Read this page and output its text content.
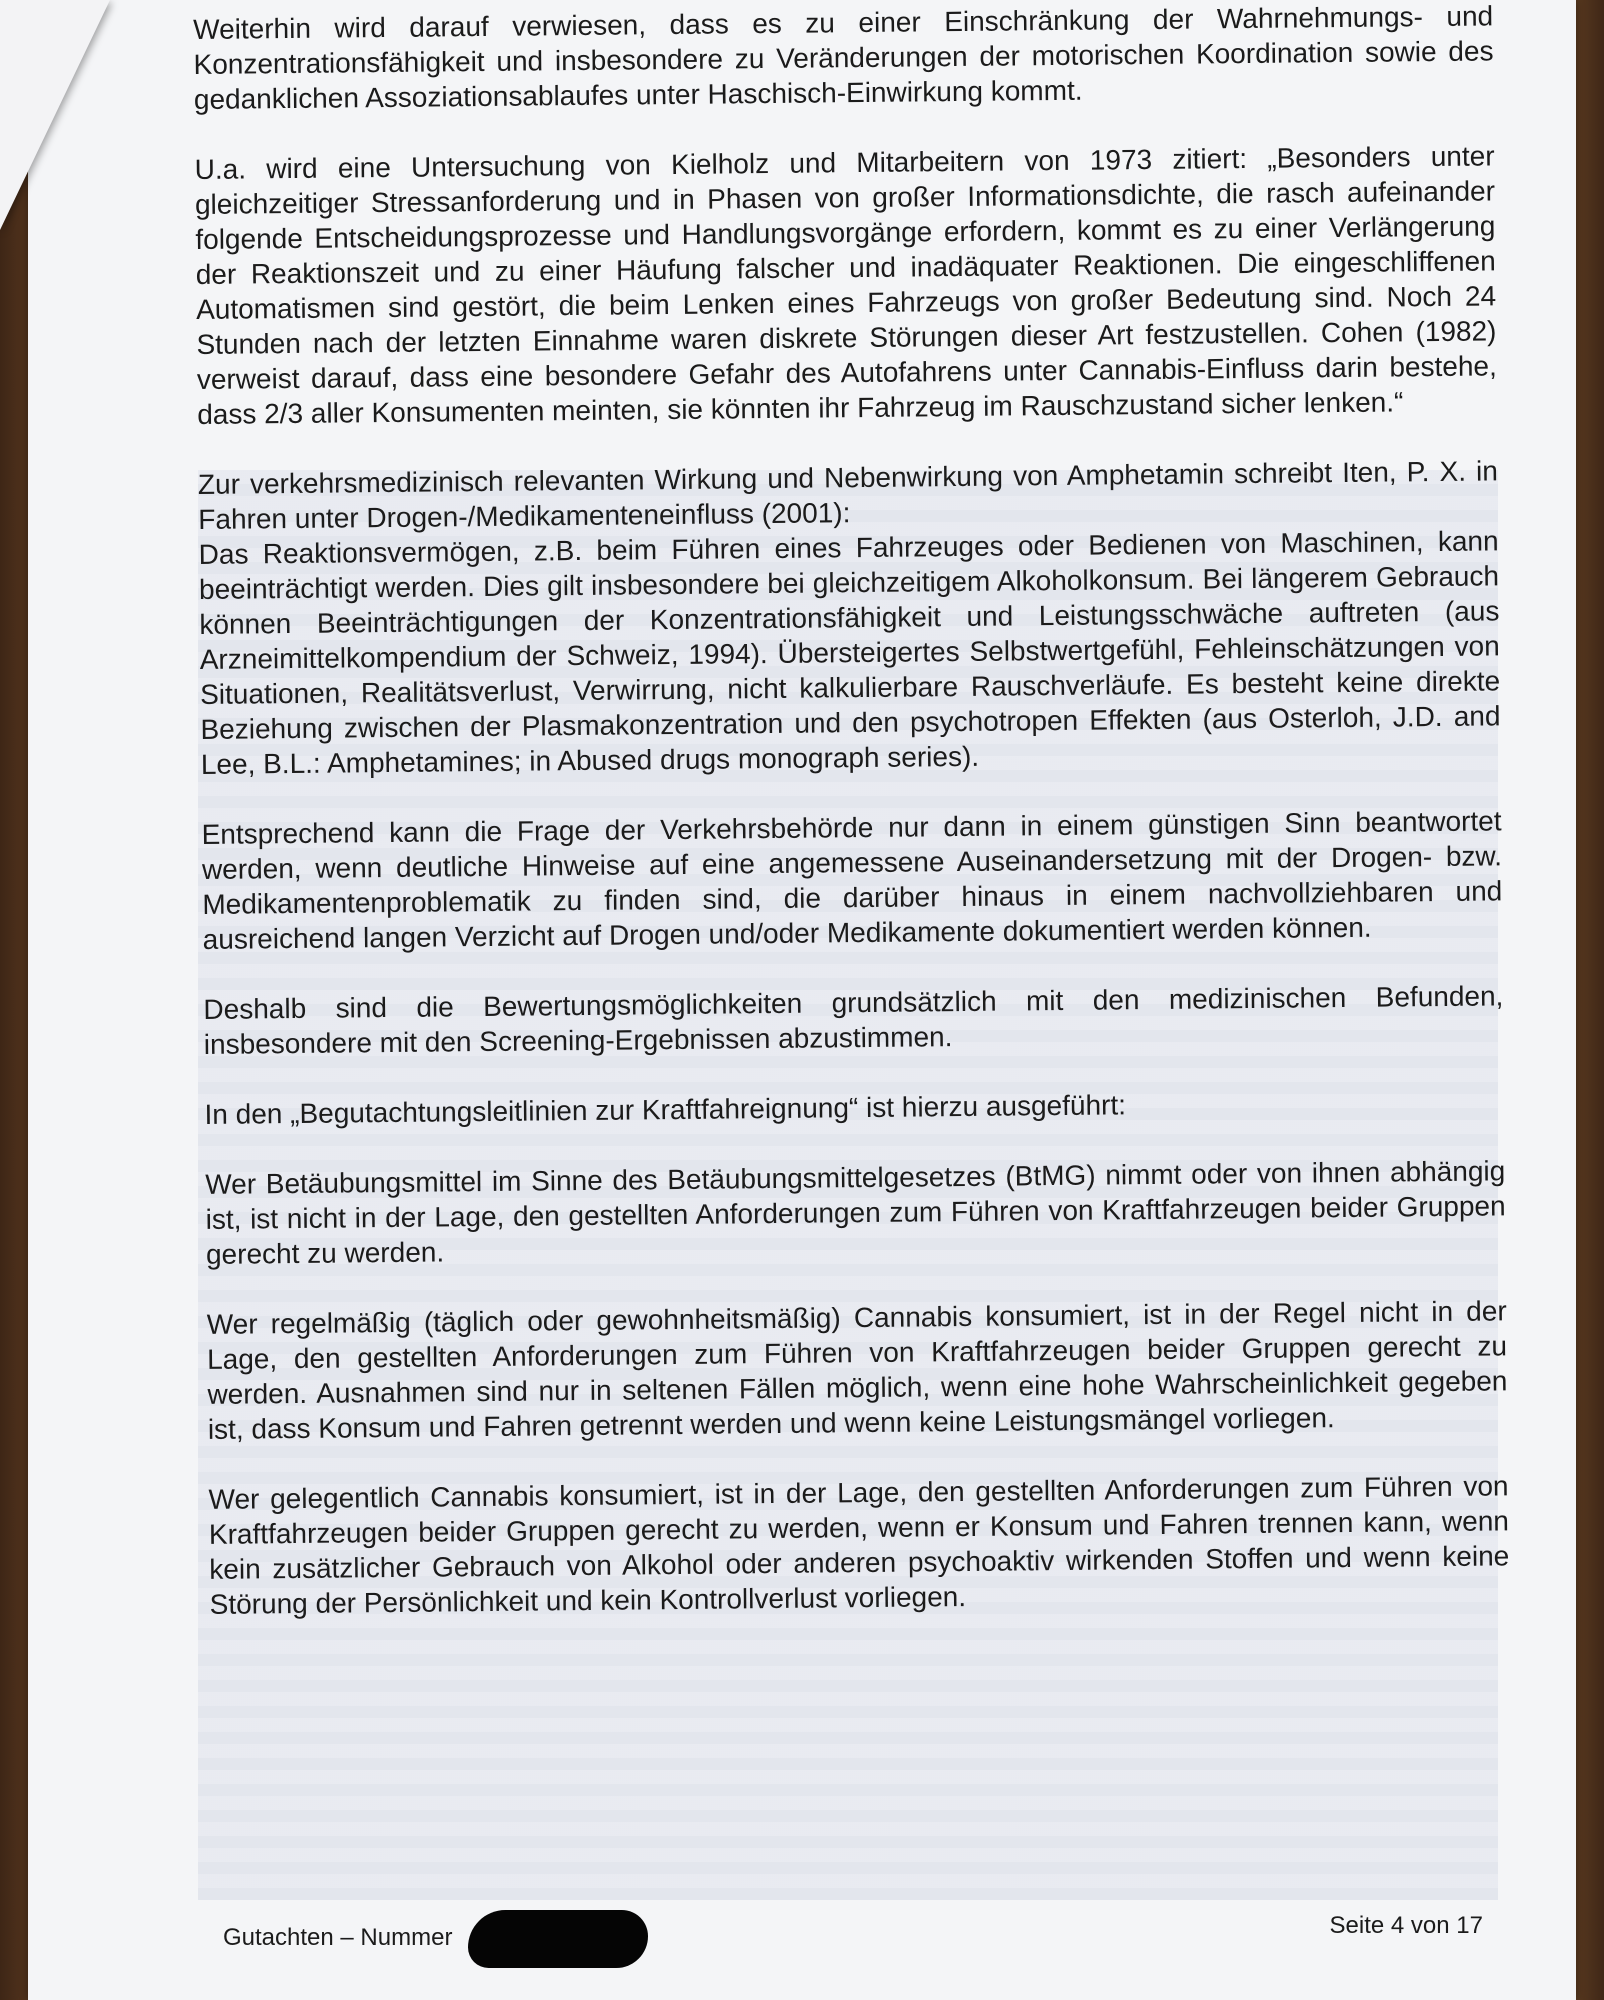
Weiterhin wird darauf verwiesen, dass es zu einer Einschränkung der Wahrnehmungs- und Konzentrationsfähigkeit und insbesondere zu Veränderungen der motorischen Koordination sowie des gedanklichen Assoziationsablaufes unter Haschisch-Einwirkung kommt.

U.a. wird eine Untersuchung von Kielholz und Mitarbeitern von 1973 zitiert: „Besonders unter gleichzeitiger Stressanforderung und in Phasen von großer Informationsdichte, die rasch aufeinander folgende Entscheidungsprozesse und Handlungsvorgänge erfordern, kommt es zu einer Verlängerung der Reaktionszeit und zu einer Häufung falscher und inadäquater Reaktionen. Die eingeschliffenen Automatismen sind gestört, die beim Lenken eines Fahrzeugs von großer Bedeutung sind. Noch 24 Stunden nach der letzten Einnahme waren diskrete Störungen dieser Art festzustellen. Cohen (1982) verweist darauf, dass eine besondere Gefahr des Autofahrens unter Cannabis-Einfluss darin bestehe, dass 2/3 aller Konsumenten meinten, sie könnten ihr Fahrzeug im Rauschzustand sicher lenken.“

Zur verkehrsmedizinisch relevanten Wirkung und Nebenwirkung von Amphetamin schreibt Iten, P. X. in Fahren unter Drogen-/Medikamenteneinfluss (2001):

Das Reaktionsvermögen, z.B. beim Führen eines Fahrzeuges oder Bedienen von Maschinen, kann beeinträchtigt werden. Dies gilt insbesondere bei gleichzeitigem Alkoholkonsum. Bei längerem Gebrauch können Beeinträchtigungen der Konzentrationsfähigkeit und Leistungsschwäche auftreten (aus Arzneimittelkompendium der Schweiz, 1994). Übersteigertes Selbstwertgefühl, Fehleinschätzungen von Situationen, Realitätsverlust, Verwirrung, nicht kalkulierbare Rauschverläufe. Es besteht keine direkte Beziehung zwischen der Plasmakonzentration und den psychotropen Effekten (aus Osterloh, J.D. and Lee, B.L.: Amphetamines; in Abused drugs monograph series).

Entsprechend kann die Frage der Verkehrsbehörde nur dann in einem günstigen Sinn beantwortet werden, wenn deutliche Hinweise auf eine angemessene Auseinandersetzung mit der Drogen- bzw. Medikamentenproblematik zu finden sind, die darüber hinaus in einem nachvollziehbaren und ausreichend langen Verzicht auf Drogen und/oder Medikamente dokumentiert werden können.

Deshalb sind die Bewertungsmöglichkeiten grundsätzlich mit den medizinischen Befunden, insbesondere mit den Screening-Ergebnissen abzustimmen.

In den „Begutachtungsleitlinien zur Kraftfahreignung“ ist hierzu ausgeführt:

Wer Betäubungsmittel im Sinne des Betäubungsmittelgesetzes (BtMG) nimmt oder von ihnen abhängig ist, ist nicht in der Lage, den gestellten Anforderungen zum Führen von Kraftfahrzeugen beider Gruppen gerecht zu werden.

Wer regelmäßig (täglich oder gewohnheitsmäßig) Cannabis konsumiert, ist in der Regel nicht in der Lage, den gestellten Anforderungen zum Führen von Kraftfahrzeugen beider Gruppen gerecht zu werden. Ausnahmen sind nur in seltenen Fällen möglich, wenn eine hohe Wahrscheinlichkeit gegeben ist, dass Konsum und Fahren getrennt werden und wenn keine Leistungsmängel vorliegen.

Wer gelegentlich Cannabis konsumiert, ist in der Lage, den gestellten Anforderungen zum Führen von Kraftfahrzeugen beider Gruppen gerecht zu werden, wenn er Konsum und Fahren trennen kann, wenn kein zusätzlicher Gebrauch von Alkohol oder anderen psychoaktiv wirkenden Stoffen und wenn keine Störung der Persönlichkeit und kein Kontrollverlust vorliegen.

Gutachten – Nummer	Seite 4 von 17
